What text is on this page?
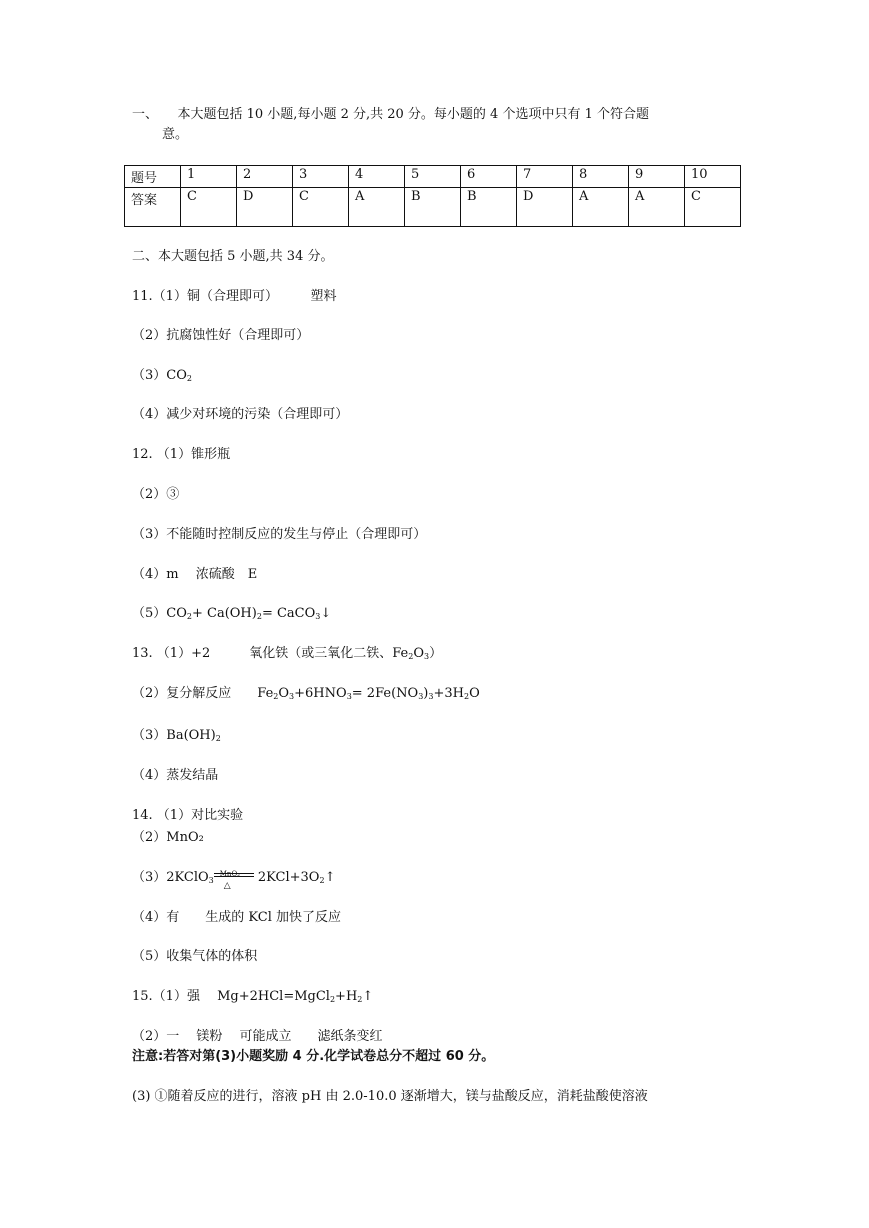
一、　　本大题包括 10 小题,每小题 2 分,共 20 分。每小题的 4 个选项中只有 1 个符合题
意。
题号	1	2	3	4	5	6	7	8	9	10
答案	C	D	C	A	B	B	D	A	A	C
二、本大题包括 5 小题,共 34 分。
11.（1）铜（合理即可）　　　塑料
（2）抗腐蚀性好（合理即可）
$(3)CO_2$
（4）减少对环境的污染（合理即可）
12. （1）锥形瓶
（2）③
（3）不能随时控制反应的发生与停止（合理即可）
（4）m　 浓硫酸　E
$(5)CO_2+ Ca(OH)_2=$ CaCO$_3$↓
13. （1）+2　　　氧化铁（或三氧化二铁、$Fe_2O_3$）
（2）复分解反应　　$Fe_2O_3+6HNO_3= 2Fe(NO_3)_3+3H_2O$
$(3)Ba(OH)_2$
（4）蒸发结晶
14. （1）对比实验
（2）MnO₂
（3）2KClO$_3$
MnO₂
△
$2KCl+3O_2↑$
（4）有　　生成的 KCl 加快了反应
（5）收集气体的体积
15.（1）强　 $Mg+2HCl=MgCl_2+H_2↑$
（2）一　 镁粉　 可能成立　　滤纸条变红
注意:若答对第(3)小题奖励 4 分.化学试卷总分不超过 60 分。
(3) ①随着反应的进行，溶液 pH 由 2.0-10.0 逐渐增大，镁与盐酸反应，消耗盐酸使溶液
